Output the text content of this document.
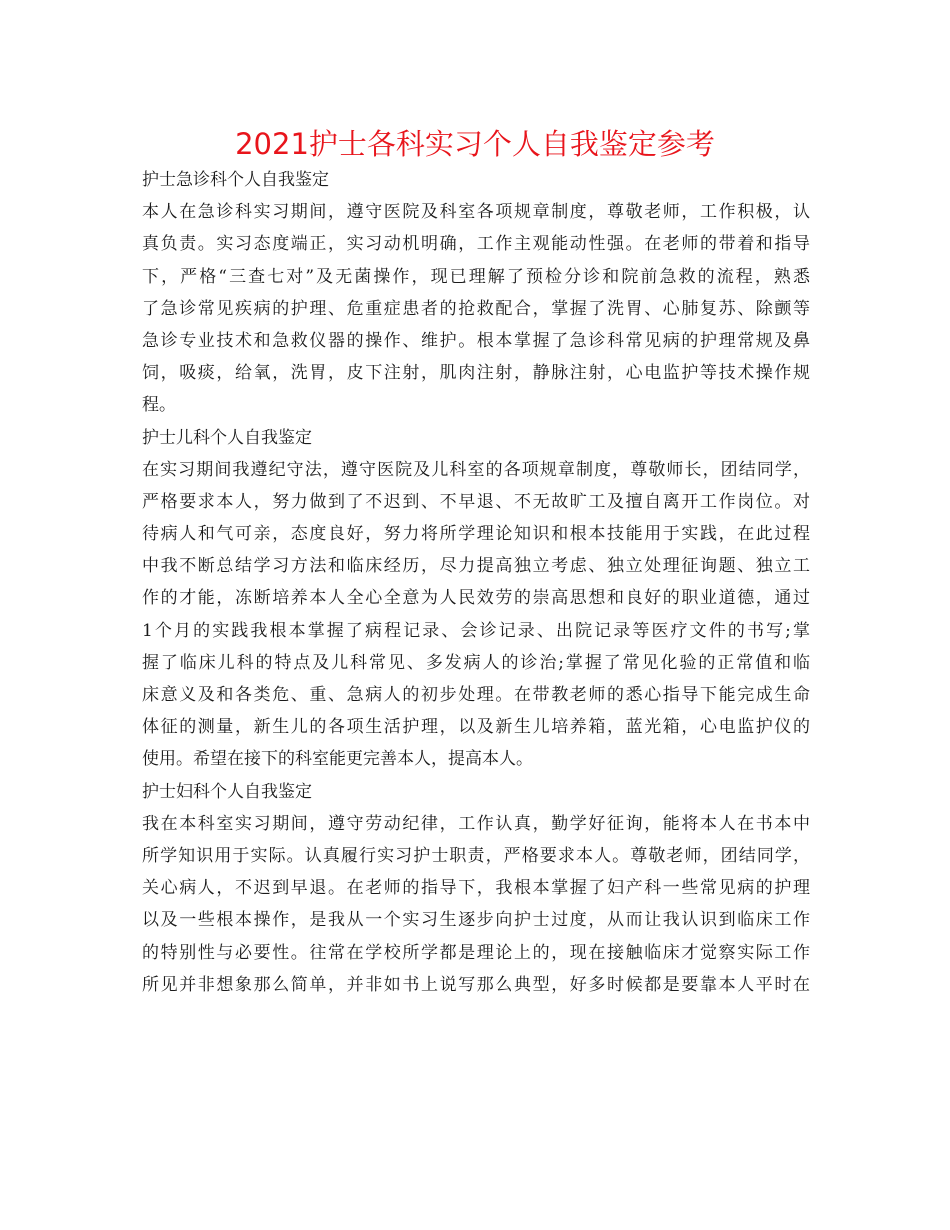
2021护士各科实习个人自我鉴定参考
护士急诊科个人自我鉴定
本人在急诊科实习期间，遵守医院及科室各项规章制度，尊敬老师，工作积极，认
真负责。实习态度端正，实习动机明确，工作主观能动性强。在老师的带着和指导
下，严格“三查七对”及无菌操作，现已理解了预检分诊和院前急救的流程，熟悉
了急诊常见疾病的护理、危重症患者的抢救配合，掌握了洗胃、心肺复苏、除颤等
急诊专业技术和急救仪器的操作、维护。根本掌握了急诊科常见病的护理常规及鼻
饲，吸痰，给氧，洗胃，皮下注射，肌肉注射，静脉注射，心电监护等技术操作规
程。
护士儿科个人自我鉴定
在实习期间我遵纪守法，遵守医院及儿科室的各项规章制度，尊敬师长，团结同学，
严格要求本人，努力做到了不迟到、不早退、不无故旷工及擅自离开工作岗位。对
待病人和气可亲，态度良好，努力将所学理论知识和根本技能用于实践，在此过程
中我不断总结学习方法和临床经历，尽力提高独立考虑、独立处理征询题、独立工
作的才能，冻断培养本人全心全意为人民效劳的崇高思想和良好的职业道德，通过
1个月的实践我根本掌握了病程记录、会诊记录、出院记录等医疗文件的书写;掌
握了临床儿科的特点及儿科常见、多发病人的诊治;掌握了常见化验的正常值和临
床意义及和各类危、重、急病人的初步处理。在带教老师的悉心指导下能完成生命
体征的测量，新生儿的各项生活护理，以及新生儿培养箱，蓝光箱，心电监护仪的
使用。希望在接下的科室能更完善本人，提高本人。
护士妇科个人自我鉴定
我在本科室实习期间，遵守劳动纪律，工作认真，勤学好征询，能将本人在书本中
所学知识用于实际。认真履行实习护士职责，严格要求本人。尊敬老师，团结同学，
关心病人，不迟到早退。在老师的指导下，我根本掌握了妇产科一些常见病的护理
以及一些根本操作，是我从一个实习生逐步向护士过度，从而让我认识到临床工作
的特别性与必要性。往常在学校所学都是理论上的，现在接触临床才觉察实际工作
所见并非想象那么简单，并非如书上说写那么典型，好多时候都是要靠本人平时在
